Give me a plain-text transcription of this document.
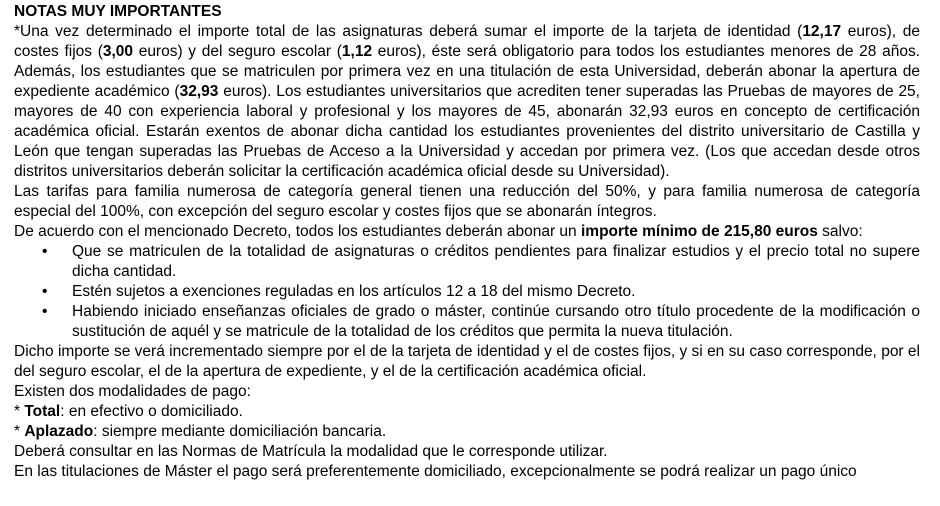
NOTAS MUY IMPORTANTES

*Una vez determinado el importe total de las asignaturas deberá sumar el importe de la tarjeta de identidad (12,17 euros), de costes fijos (3,00 euros) y del seguro escolar (1,12 euros), éste será obligatorio para todos los estudiantes menores de 28 años. Además, los estudiantes que se matriculen por primera vez en una titulación de esta Universidad, deberán abonar la apertura de expediente académico (32,93 euros). Los estudiantes universitarios que acrediten tener superadas las Pruebas de mayores de 25, mayores de 40 con experiencia laboral y profesional y los mayores de 45, abonarán 32,93 euros en concepto de certificación académica oficial. Estarán exentos de abonar dicha cantidad los estudiantes provenientes del distrito universitario de Castilla y León que tengan superadas las Pruebas de Acceso a la Universidad y accedan por primera vez. (Los que accedan desde otros distritos universitarios deberán solicitar la certificación académica oficial desde su Universidad).

Las tarifas para familia numerosa de categoría general tienen una reducción del 50%, y para familia numerosa de categoría especial del 100%, con excepción del seguro escolar y costes fijos que se abonarán íntegros.

De acuerdo con el mencionado Decreto, todos los estudiantes deberán abonar un importe mínimo de 215,80 euros salvo:

• Que se matriculen de la totalidad de asignaturas o créditos pendientes para finalizar estudios y el precio total no supere dicha cantidad.
• Estén sujetos a exenciones reguladas en los artículos 12 a 18 del mismo Decreto.
• Habiendo iniciado enseñanzas oficiales de grado o máster, continúe cursando otro título procedente de la modificación o sustitución de aquél y se matricule de la totalidad de los créditos que permita la nueva titulación.

Dicho importe se verá incrementado siempre por el de la tarjeta de identidad y el de costes fijos, y si en su caso corresponde, por el del seguro escolar, el de la apertura de expediente, y el de la certificación académica oficial.

Existen dos modalidades de pago:

* Total: en efectivo o domiciliado.

* Aplazado: siempre mediante domiciliación bancaria.

Deberá consultar en las Normas de Matrícula la modalidad que le corresponde utilizar.

En las titulaciones de Máster el pago será preferentemente domiciliado, excepcionalmente se podrá realizar un pago único
